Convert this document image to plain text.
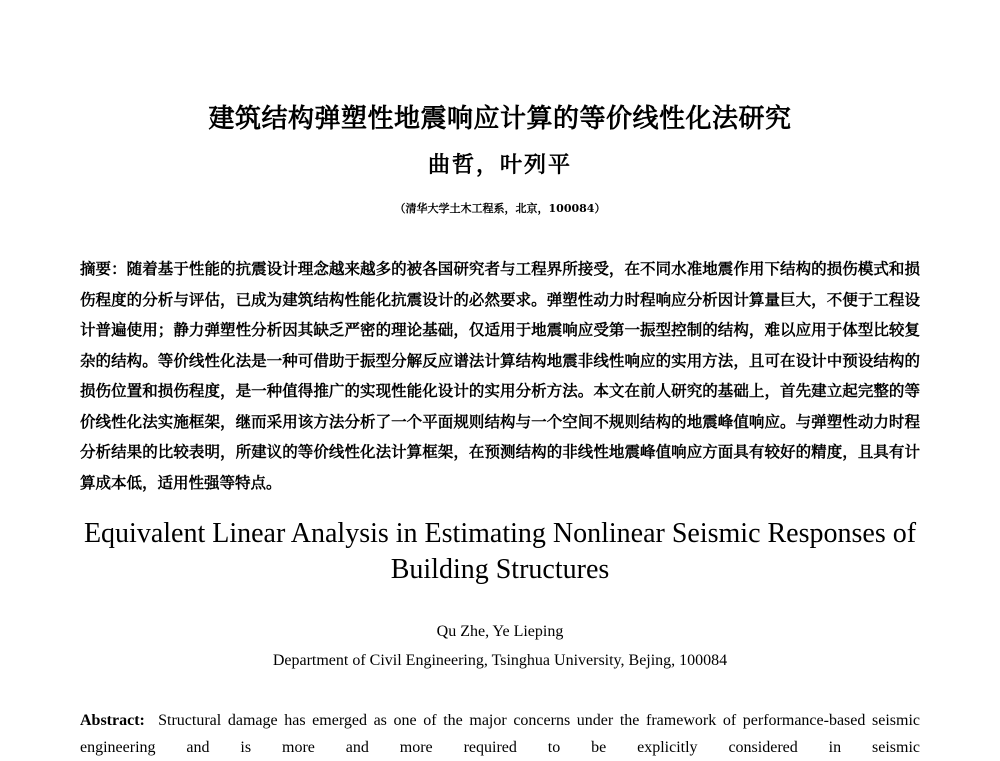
建筑结构弹塑性地震响应计算的等价线性化法研究
曲哲，叶列平
（清华大学土木工程系，北京，100084）
摘要：随着基于性能的抗震设计理念越来越多的被各国研究者与工程界所接受，在不同水准地震作用下结构的损伤模式和损伤程度的分析与评估，已成为建筑结构性能化抗震设计的必然要求。弹塑性动力时程响应分析因计算量巨大，不便于工程设计普遍使用；静力弹塑性分析因其缺乏严密的理论基础，仅适用于地震响应受第一振型控制的结构，难以应用于体型比较复杂的结构。等价线性化法是一种可借助于振型分解反应谱法计算结构地震非线性响应的实用方法，且可在设计中预设结构的损伤位置和损伤程度，是一种值得推广的实现性能化设计的实用分析方法。本文在前人研究的基础上，首先建立起完整的等价线性化法实施框架，继而采用该方法分析了一个平面规则结构与一个空间不规则结构的地震峰值响应。与弹塑性动力时程分析结果的比较表明，所建议的等价线性化法计算框架，在预测结构的非线性地震峰值响应方面具有较好的精度，且具有计算成本低，适用性强等特点。
Equivalent Linear Analysis in Estimating Nonlinear Seismic Responses of Building Structures
Qu Zhe, Ye Lieping
Department of Civil Engineering, Tsinghua University, Bejing, 100084
Abstract: Structural damage has emerged as one of the major concerns under the framework of performance-based seismic engineering and is more and more required to be explicitly considered in seismic
